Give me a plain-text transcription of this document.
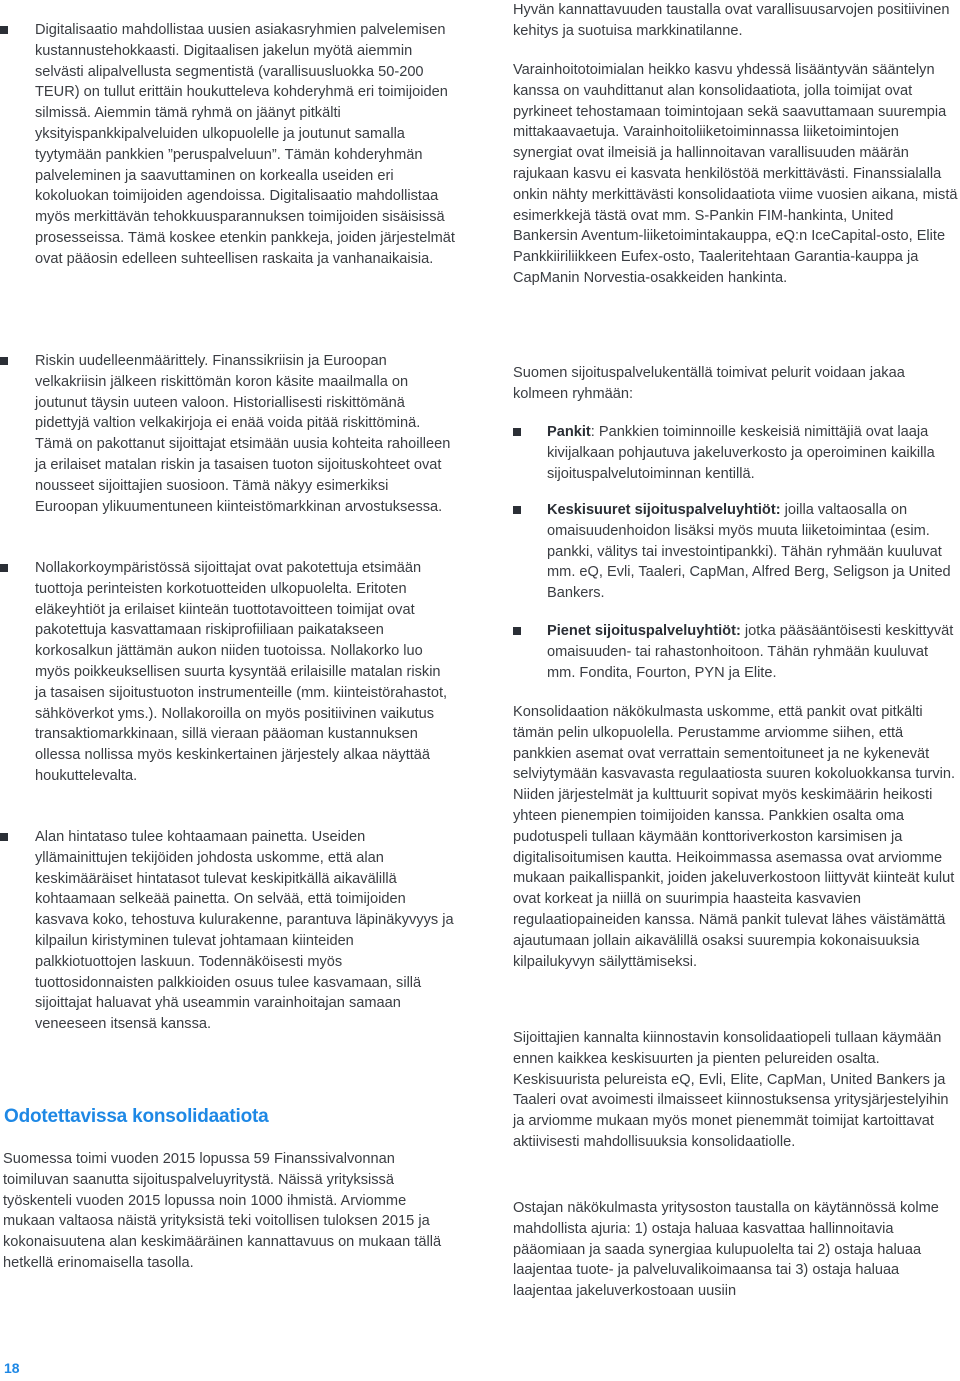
Digitalisaatio mahdollistaa uusien asiakasryhmien palvelemisen kustannustehokkaasti. Digitaalisen jakelun myötä aiemmin selvästi alipalvellusta segmentistä (varallisuusluokka 50-200 TEUR) on tullut erittäin houkutteleva kohderyhmä eri toimijoiden silmissä. Aiemmin tämä ryhmä on jäänyt pitkälti yksityispankkipalveluiden ulkopuolelle ja joutunut samalla tyytymään pankkien ”peruspalveluun”. Tämän kohderyhmän palveleminen ja saavuttaminen on korkealla useiden eri kokoluokan toimijoiden agendoissa. Digitalisaatio mahdollistaa myös merkittävän tehokkuusparannuksen toimijoiden sisäisissä prosesseissa. Tämä koskee etenkin pankkeja, joiden järjestelmät ovat pääosin edelleen suhteellisen raskaita ja vanhanaikaisia.

Riskin uudelleenmäärittely. Finanssikriisin ja Euroopan velkakriisin jälkeen riskittömän koron käsite maailmalla on joutunut täysin uuteen valoon. Historiallisesti riskittömänä pidettyjä valtion velkakirjoja ei enää voida pitää riskittöminä. Tämä on pakottanut sijoittajat etsimään uusia kohteita rahoilleen ja erilaiset matalan riskin ja tasaisen tuoton sijoituskohteet ovat nousseet sijoittajien suosioon. Tämä näkyy esimerkiksi Euroopan ylikuumentuneen kiinteistömarkkinan arvostuksessa.

Nollakorkoympäristössä sijoittajat ovat pakotettuja etsimään tuottoja perinteisten korkotuotteiden ulkopuolelta. Eritoten eläkeyhtiöt ja erilaiset kiinteän tuottotavoitteen toimijat ovat pakotettuja kasvattamaan riskiprofiiliaan paikatakseen korkosalkun jättämän aukon niiden tuotoissa. Nollakorko luo myös poikkeuksellisen suurta kysyntää erilaisille matalan riskin ja tasaisen sijoitustuoton instrumenteille (mm. kiinteistörahastot, sähköverkot yms.). Nollakoroilla on myös positiivinen vaikutus transaktiomarkkinaan, sillä vieraan pääoman kustannuksen ollessa nollissa myös keskinkertainen järjestely alkaa näyttää houkuttelevalta.

Alan hintataso tulee kohtaamaan painetta. Useiden yllämainittujen tekijöiden johdosta uskomme, että alan keskimääräiset hintatasot tulevat keskipitkällä aikavälillä kohtaamaan selkeää painetta. On selvää, että toimijoiden kasvava koko, tehostuva kulurakenne, parantuva läpinäkyvyys ja kilpailun kiristyminen tulevat johtamaan kiinteiden palkkiotuottojen laskuun. Todennäköisesti myös tuottosidonnaisten palkkioiden osuus tulee kasvamaan, sillä sijoittajat haluavat yhä useammin varainhoitajan samaan veneeseen itsensä kanssa.

Odotettavissa konsolidaatiota

Suomessa toimi vuoden 2015 lopussa 59 Finanssivalvonnan toimiluvan saanutta sijoituspalveluyritystä. Näissä yrityksissä työskenteli vuoden 2015 lopussa noin 1000 ihmistä. Arviomme mukaan valtaosa näistä yrityksistä teki voitollisen tuloksen 2015 ja kokonaisuutena alan keskimääräinen kannattavuus on mukaan tällä hetkellä erinomaisella tasolla.

Hyvän kannattavuuden taustalla ovat varallisuusarvojen positiivinen kehitys ja suotuisa markkinatilanne.

Varainhoitotoimialan heikko kasvu yhdessä lisääntyvän sääntelyn kanssa on vauhdittanut alan konsolidaatiota, jolla toimijat ovat pyrkineet tehostamaan toimintojaan sekä saavuttamaan suurempia mittakaavaetuja. Varainhoitoliiketoiminnassa liiketoimintojen synergiat ovat ilmeisiä ja hallinnoitavan varallisuuden määrän rajukaan kasvu ei kasvata henkilöstöä merkittävästi. Finanssialalla onkin nähty merkittävästi konsolidaatiota viime vuosien aikana, mistä esimerkkejä tästä ovat mm. S-Pankin FIM-hankinta, United Bankersin Aventum-liiketoimintakauppa, eQ:n IceCapital-osto, Elite Pankkiiriliikkeen Eufex-osto, Taaleritehtaan Garantia-kauppa ja CapManin Norvestia-osakkeiden hankinta.

Suomen sijoituspalvelukentällä toimivat pelurit voidaan jakaa kolmeen ryhmään:

Pankit: Pankkien toiminnoille keskeisiä nimittäjiä ovat laaja kivijalkaan pohjautuva jakeluverkosto ja operoiminen kaikilla sijoituspalvelutoiminnan kentillä.

Keskisuuret sijoituspalveluyhtiöt: joilla valtaosalla on omaisuudenhoidon lisäksi myös muuta liiketoimintaa (esim. pankki, välitys tai investointipankki). Tähän ryhmään kuuluvat mm. eQ, Evli, Taaleri, CapMan, Alfred Berg, Seligson ja United Bankers.

Pienet sijoituspalveluyhtiöt: jotka pääsääntöisesti keskittyvät omaisuuden- tai rahastonhoitoon. Tähän ryhmään kuuluvat mm. Fondita, Fourton, PYN ja Elite.

Konsolidaation näkökulmasta uskomme, että pankit ovat pitkälti tämän pelin ulkopuolella. Perustamme arviomme siihen, että pankkien asemat ovat verrattain sementoituneet ja ne kykenevät selviytymään kasvavasta regulaatiosta suuren kokoluokkansa turvin. Niiden järjestelmät ja kulttuurit sopivat myös keskimäärin heikosti yhteen pienempien toimijoiden kanssa. Pankkien osalta oma pudotuspeli tullaan käymään konttoriverkoston karsimisen ja digitalisoitumisen kautta. Heikoimmassa asemassa ovat arviomme mukaan paikallispankit, joiden jakeluverkostoon liittyvät kiinteät kulut ovat korkeat ja niillä on suurimpia haasteita kasvavien regulaatiopaineiden kanssa. Nämä pankit tulevat lähes väistämättä ajautumaan jollain aikavälillä osaksi suurempia kokonaisuuksia kilpailukyvyn säilyttämiseksi.

Sijoittajien kannalta kiinnostavin konsolidaatiopeli tullaan käymään ennen kaikkea keskisuurten ja pienten pelureiden osalta. Keskisuurista pelureista eQ, Evli, Elite, CapMan, United Bankers ja Taaleri ovat avoimesti ilmaisseet kiinnostuksensa yritysjärjestelyihin ja arviomme mukaan myös monet pienemmät toimijat kartoittavat aktiivisesti mahdollisuuksia konsolidaatiolle.

Ostajan näkökulmasta yritysoston taustalla on käytännössä kolme mahdollista ajuria: 1) ostaja haluaa kasvattaa hallinnoitavia pääomiaan ja saada synergiaa kulupuolelta tai 2) ostaja haluaa laajentaa tuote- ja palveluvalikoimaansa tai 3) ostaja haluaa laajentaa jakeluverkostoaan uusiin

18
